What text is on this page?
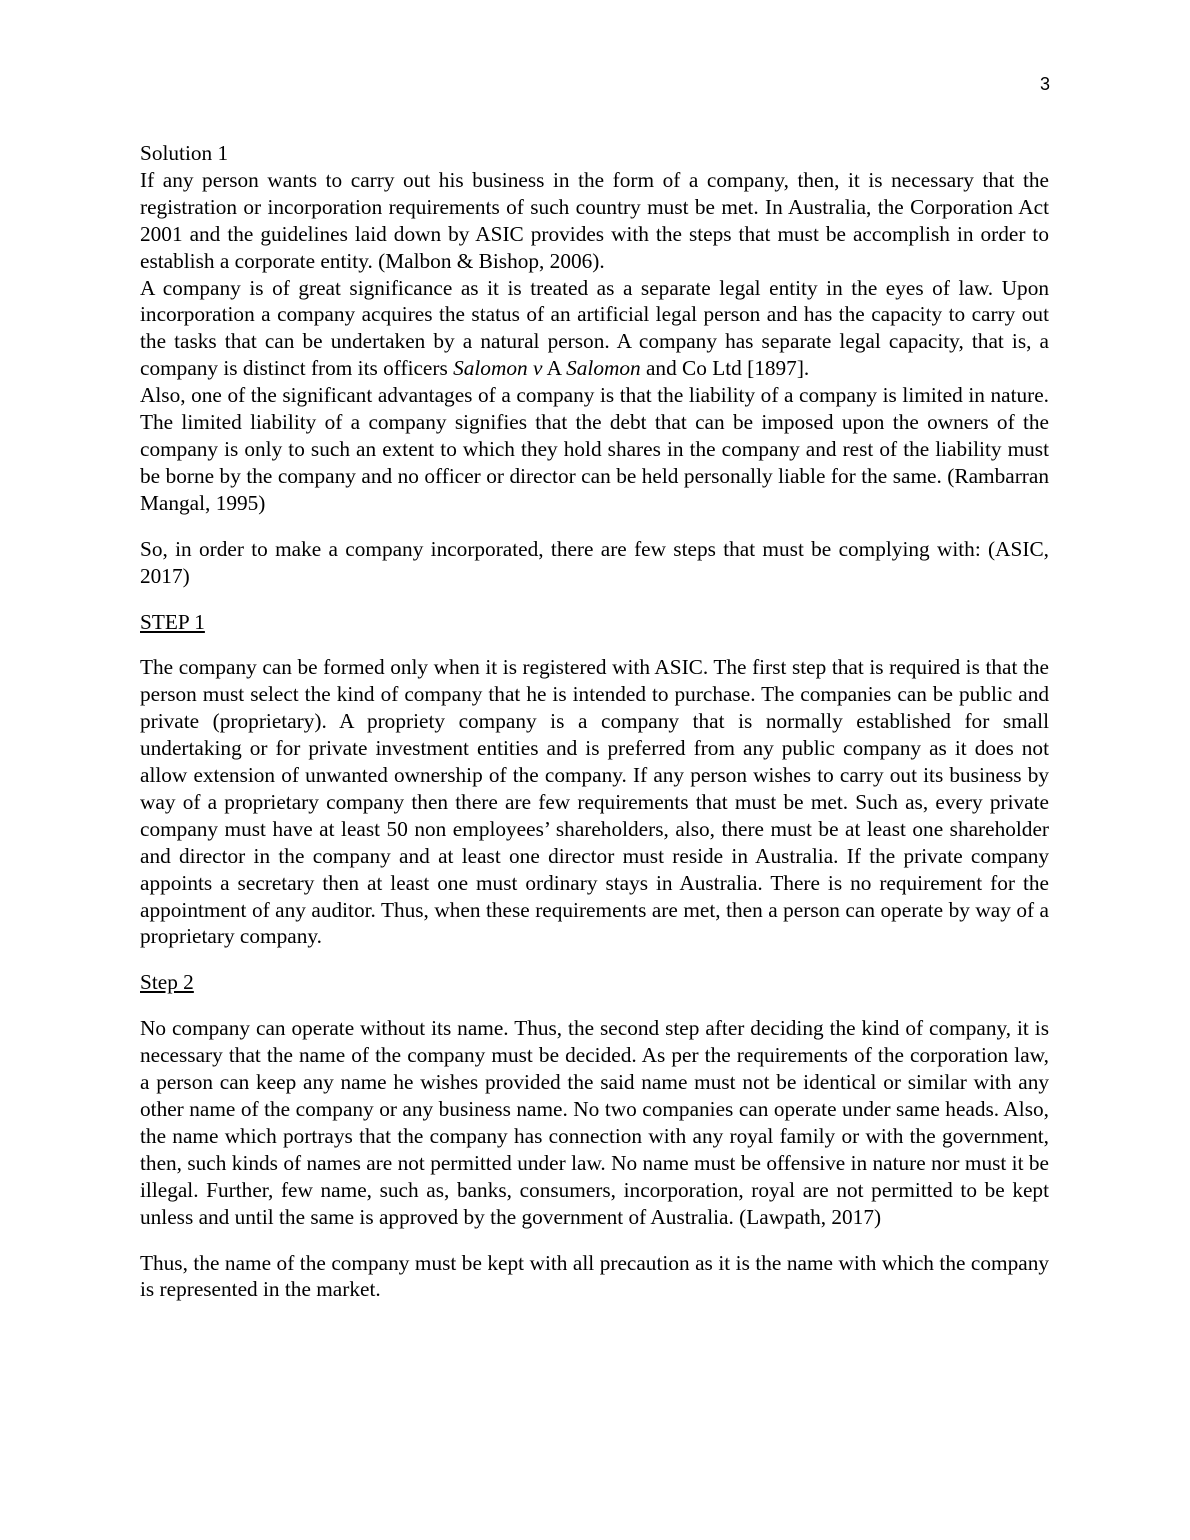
3

Solution 1

If any person wants to carry out his business in the form of a company, then, it is necessary that the registration or incorporation requirements of such country must be met. In Australia, the Corporation Act 2001 and the guidelines laid down by ASIC provides with the steps that must be accomplish in order to establish a corporate entity. (Malbon & Bishop, 2006).

A company is of great significance as it is treated as a separate legal entity in the eyes of law. Upon incorporation a company acquires the status of an artificial legal person and has the capacity to carry out the tasks that can be undertaken by a natural person. A company has separate legal capacity, that is, a company is distinct from its officers Salomon v A Salomon and Co Ltd [1897].

Also, one of the significant advantages of a company is that the liability of a company is limited in nature. The limited liability of a company signifies that the debt that can be imposed upon the owners of the company is only to such an extent to which they hold shares in the company and rest of the liability must be borne by the company and no officer or director can be held personally liable for the same. (Rambarran Mangal, 1995)

So, in order to make a company incorporated, there are few steps that must be complying with: (ASIC, 2017)

STEP 1

The company can be formed only when it is registered with ASIC. The first step that is required is that the person must select the kind of company that he is intended to purchase. The companies can be public and private (proprietary). A propriety company is a company that is normally established for small undertaking or for private investment entities and is preferred from any public company as it does not allow extension of unwanted ownership of the company. If any person wishes to carry out its business by way of a proprietary company then there are few requirements that must be met. Such as, every private company must have at least 50 non employees’ shareholders, also, there must be at least one shareholder and director in the company and at least one director must reside in Australia. If the private company appoints a secretary then at least one must ordinary stays in Australia. There is no requirement for the appointment of any auditor. Thus, when these requirements are met, then a person can operate by way of a proprietary company.

Step 2

No company can operate without its name. Thus, the second step after deciding the kind of company, it is necessary that the name of the company must be decided. As per the requirements of the corporation law, a person can keep any name he wishes provided the said name must not be identical or similar with any other name of the company or any business name. No two companies can operate under same heads. Also, the name which portrays that the company has connection with any royal family or with the government, then, such kinds of names are not permitted under law. No name must be offensive in nature nor must it be illegal. Further, few name, such as, banks, consumers, incorporation, royal are not permitted to be kept unless and until the same is approved by the government of Australia. (Lawpath, 2017)

Thus, the name of the company must be kept with all precaution as it is the name with which the company is represented in the market.
